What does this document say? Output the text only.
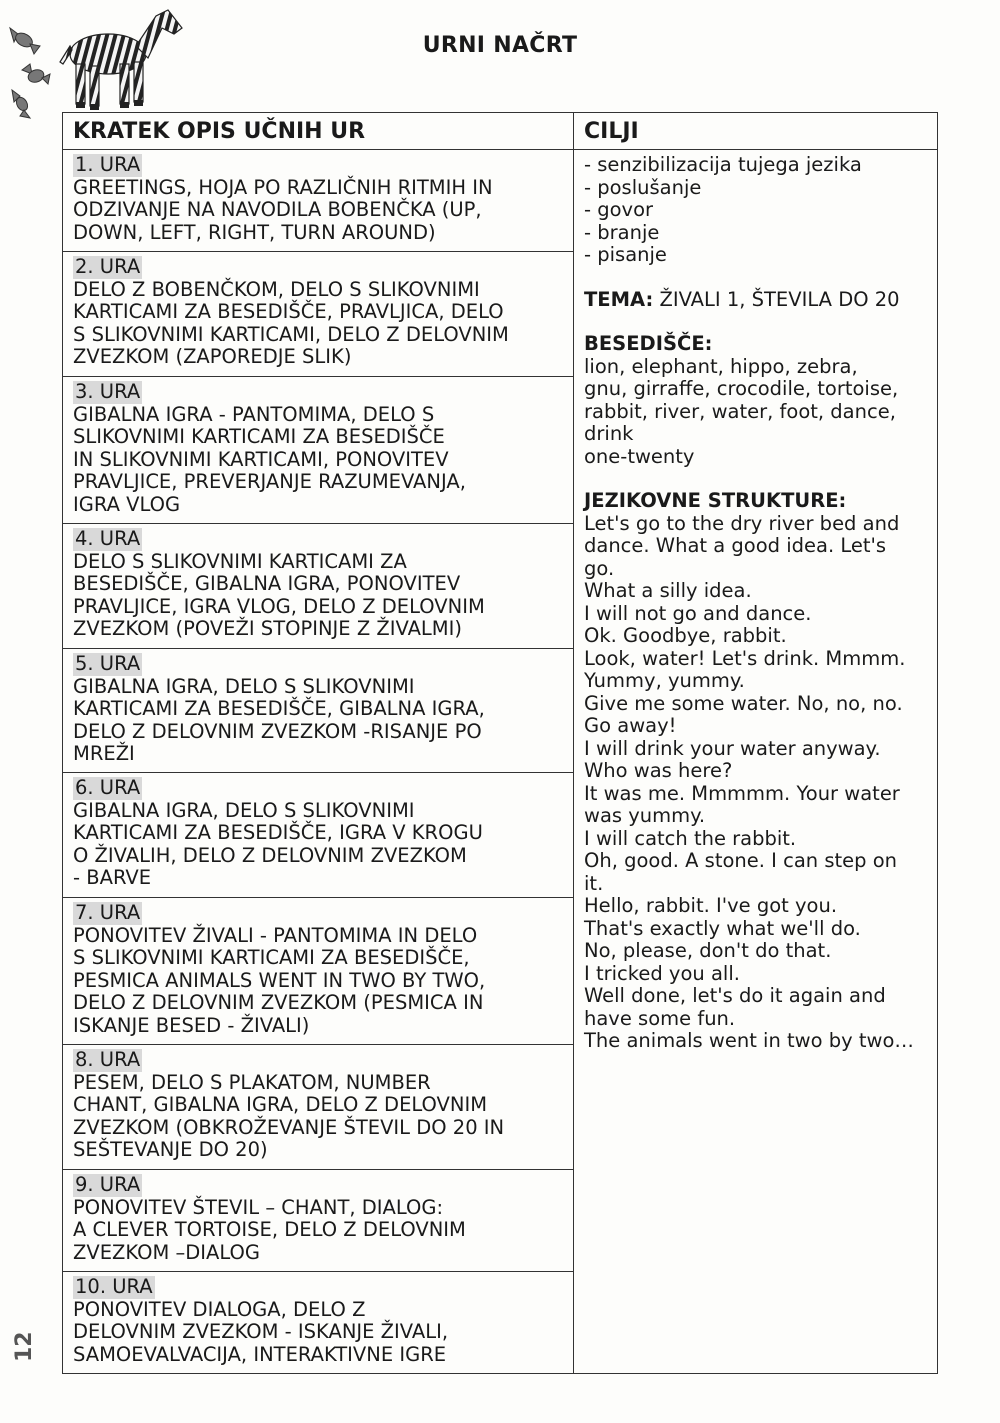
URNI NAČRT
12
KRATEK OPIS UČNIH UR
1. URA
GREETINGS, HOJA PO RAZLIČNIH RITMIH IN
ODZIVANJE NA NAVODILA BOBENČKA (UP,
DOWN, LEFT, RIGHT, TURN AROUND)
2. URA
DELO Z BOBENČKOM, DELO S SLIKOVNIMI
KARTICAMI ZA BESEDIŠČE, PRAVLJICA, DELO
S SLIKOVNIMI KARTICAMI, DELO Z DELOVNIM
ZVEZKOM (ZAPOREDJE SLIK)
3. URA
GIBALNA IGRA - PANTOMIMA, DELO S
SLIKOVNIMI KARTICAMI ZA BESEDIŠČE
IN SLIKOVNIMI KARTICAMI, PONOVITEV
PRAVLJICE, PREVERJANJE RAZUMEVANJA,
IGRA VLOG
4. URA
DELO S SLIKOVNIMI KARTICAMI ZA
BESEDIŠČE, GIBALNA IGRA, PONOVITEV
PRAVLJICE, IGRA VLOG, DELO Z DELOVNIM
ZVEZKOM (POVEŽI STOPINJE Z ŽIVALMI)
5. URA
GIBALNA IGRA, DELO S SLIKOVNIMI
KARTICAMI ZA BESEDIŠČE, GIBALNA IGRA,
DELO Z DELOVNIM ZVEZKOM -RISANJE PO
MREŽI
6. URA
GIBALNA IGRA, DELO S SLIKOVNIMI
KARTICAMI ZA BESEDIŠČE, IGRA V KROGU
O ŽIVALIH, DELO Z DELOVNIM ZVEZKOM
- BARVE
7. URA
PONOVITEV ŽIVALI - PANTOMIMA IN DELO
S SLIKOVNIMI KARTICAMI ZA BESEDIŠČE,
PESMICA ANIMALS WENT IN TWO BY TWO,
DELO Z DELOVNIM ZVEZKOM (PESMICA IN
ISKANJE BESED - ŽIVALI)
8. URA
PESEM, DELO S PLAKATOM, NUMBER
CHANT, GIBALNA IGRA, DELO Z DELOVNIM
ZVEZKOM (OBKROŽEVANJE ŠTEVIL DO 20 IN
SEŠTEVANJE DO 20)
9. URA
PONOVITEV ŠTEVIL – CHANT, DIALOG:
A CLEVER TORTOISE, DELO Z DELOVNIM
ZVEZKOM –DIALOG
10. URA
PONOVITEV DIALOGA, DELO Z
DELOVNIM ZVEZKOM - ISKANJE ŽIVALI,
SAMOEVALVACIJA, INTERAKTIVNE IGRE
CILJI
- senzibilizacija tujega jezika
- poslušanje
- govor
- branje
- pisanje
TEMA: ŽIVALI 1, ŠTEVILA DO 20
BESEDIŠČE:
lion, elephant, hippo, zebra,
gnu, girraffe, crocodile, tortoise,
rabbit, river, water, foot, dance,
drink
one-twenty
JEZIKOVNE STRUKTURE:
Let's go to the dry river bed and
dance. What a good idea. Let's
go.
What a silly idea.
I will not go and dance.
Ok. Goodbye, rabbit.
Look, water! Let's drink. Mmmm.
Yummy, yummy.
Give me some water. No, no, no.
Go away!
I will drink your water anyway.
Who was here?
It was me. Mmmmm. Your water
was yummy.
I will catch the rabbit.
Oh, good. A stone. I can step on
it.
Hello, rabbit. I've got you.
That's exactly what we'll do.
No, please, don't do that.
I tricked you all.
Well done, let's do it again and
have some fun.
The animals went in two by two…
